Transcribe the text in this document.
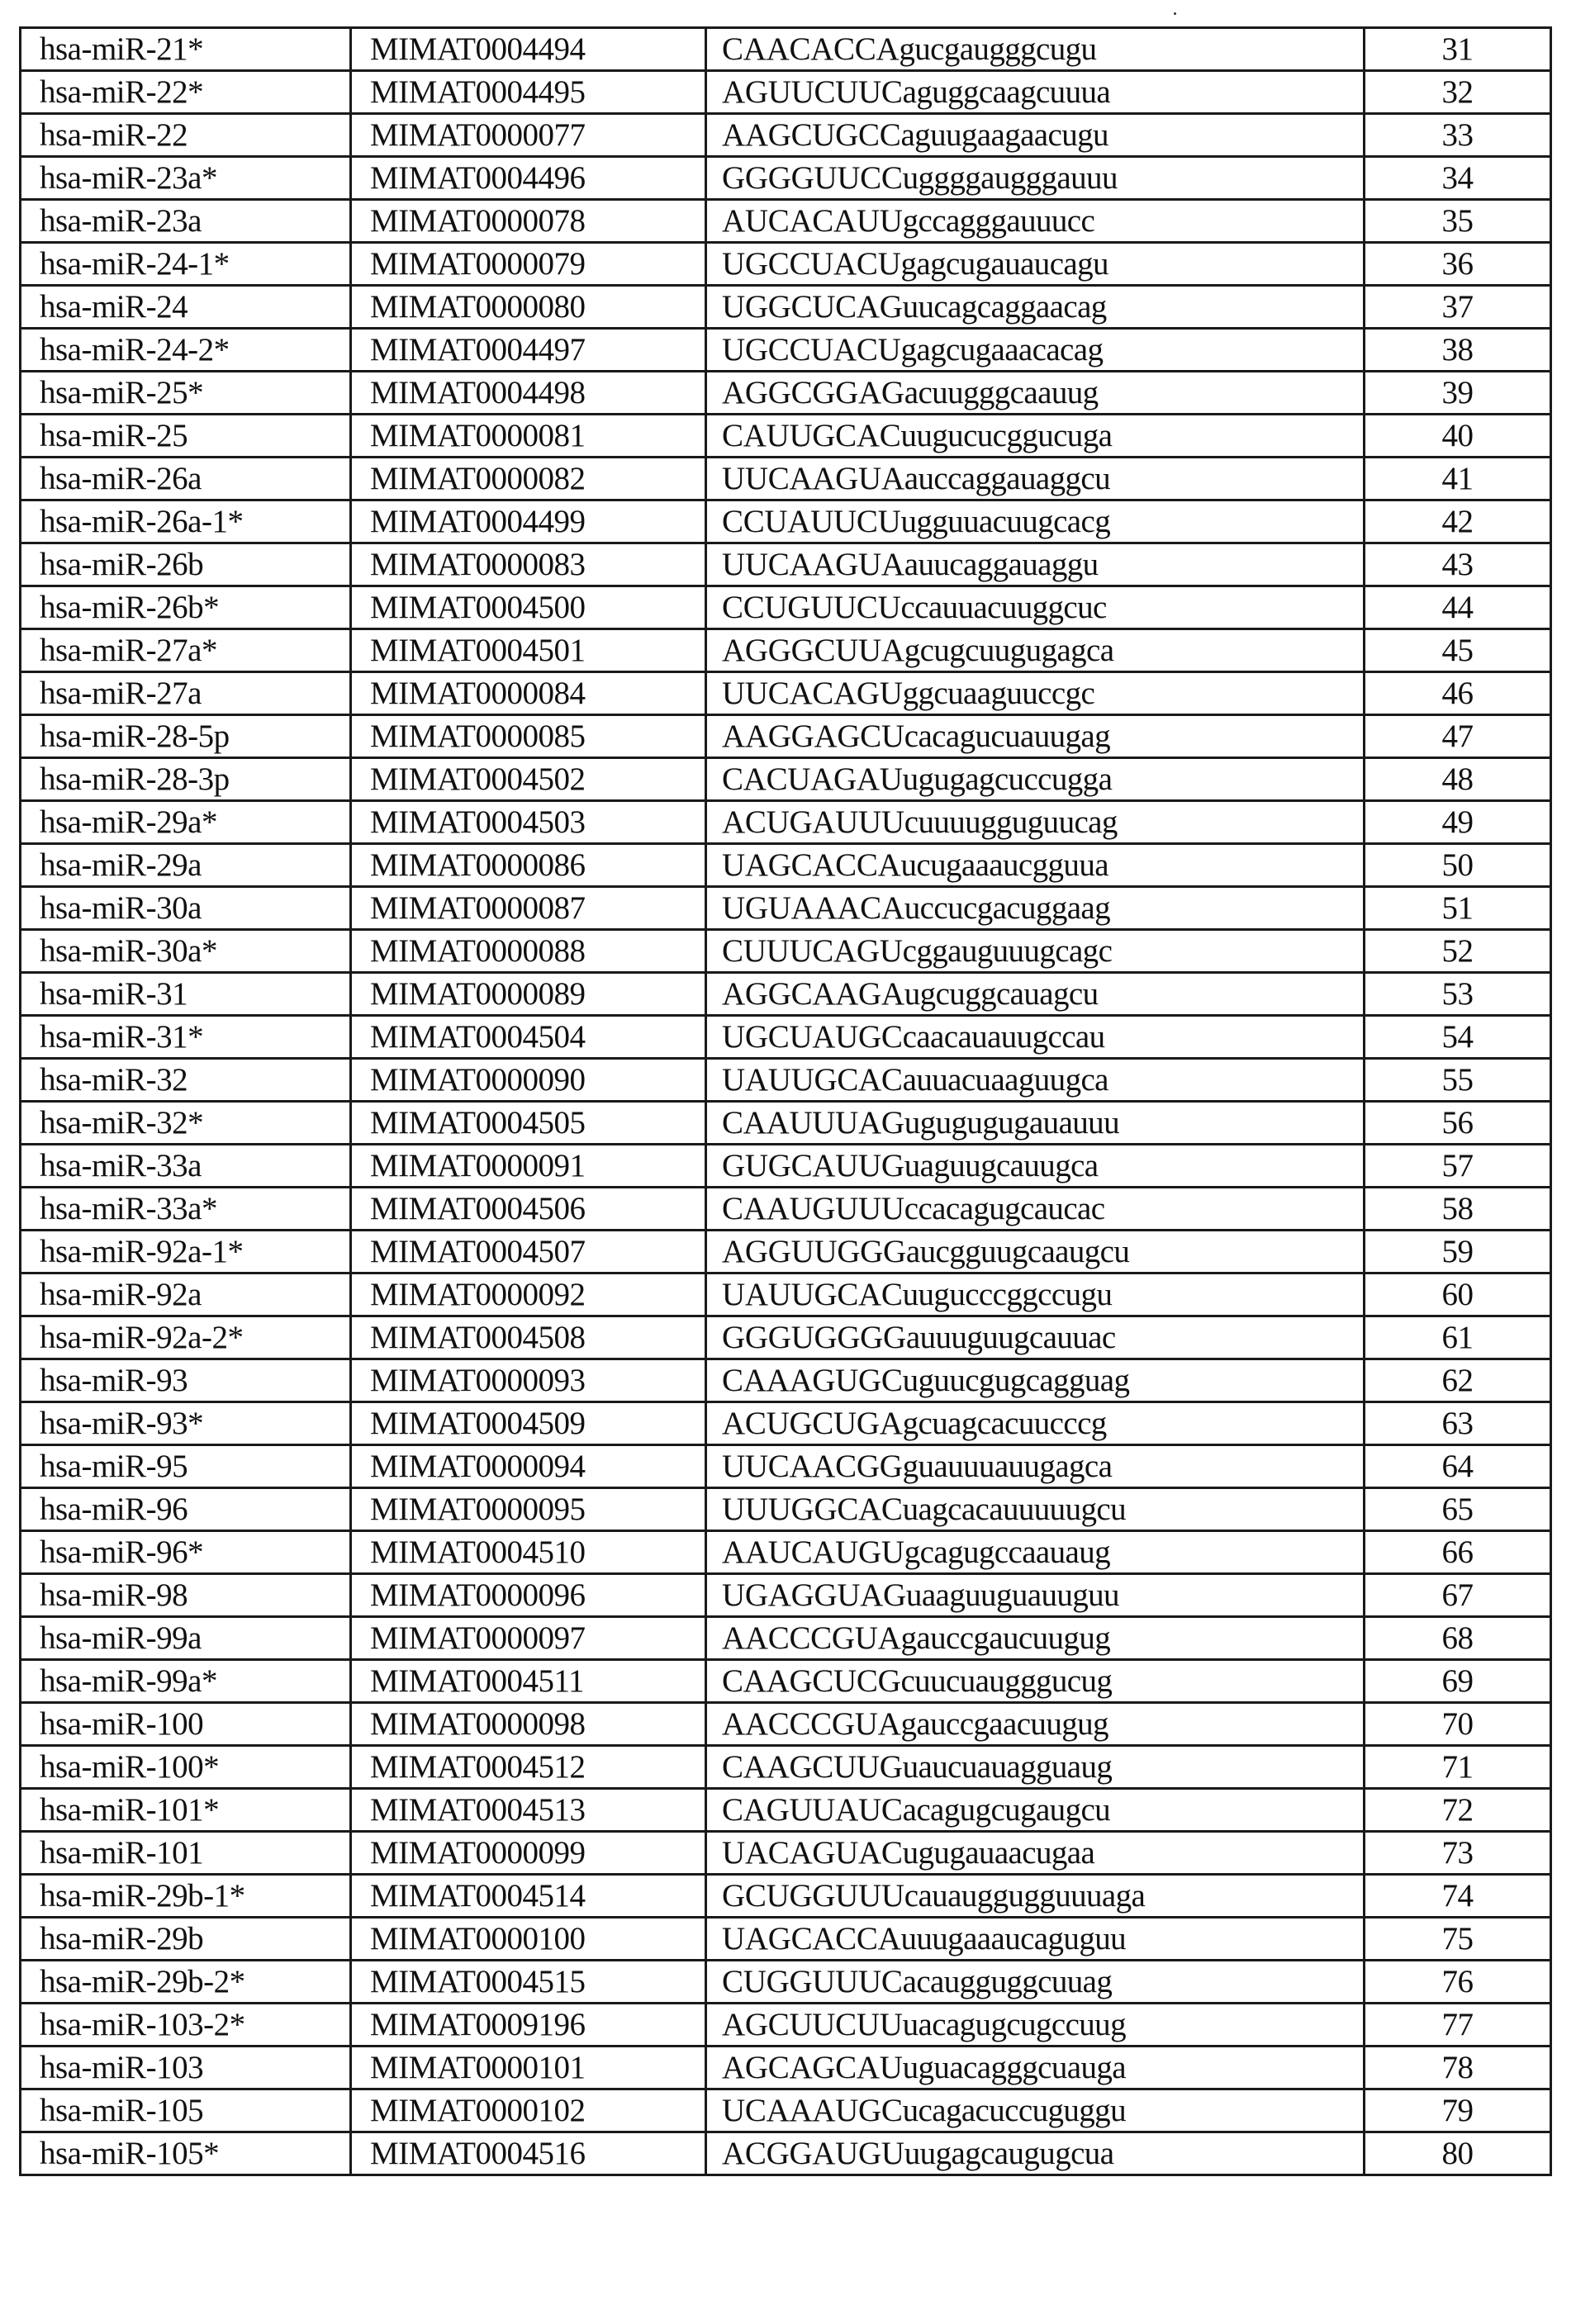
hsa-miR-21*	MIMAT0004494	CAACACCAgucgaugggcugu	31
hsa-miR-22*	MIMAT0004495	AGUUCUUCaguggcaagcuuua	32
hsa-miR-22	MIMAT0000077	AAGCUGCCaguugaagaacugu	33
hsa-miR-23a*	MIMAT0004496	GGGGUUCCuggggaugggauuu	34
hsa-miR-23a	MIMAT0000078	AUCACAUUgccagggauuucc	35
hsa-miR-24-1*	MIMAT0000079	UGCCUACUgagcugauaucagu	36
hsa-miR-24	MIMAT0000080	UGGCUCAGuucagcaggaacag	37
hsa-miR-24-2*	MIMAT0004497	UGCCUACUgagcugaaacacag	38
hsa-miR-25*	MIMAT0004498	AGGCGGAGacuugggcaauug	39
hsa-miR-25	MIMAT0000081	CAUUGCACuugucucggucuga	40
hsa-miR-26a	MIMAT0000082	UUCAAGUAauccaggauaggcu	41
hsa-miR-26a-1*	MIMAT0004499	CCUAUUCUugguuacuugcacg	42
hsa-miR-26b	MIMAT0000083	UUCAAGUAauucaggauaggu	43
hsa-miR-26b*	MIMAT0004500	CCUGUUCUccauuacuuggcuc	44
hsa-miR-27a*	MIMAT0004501	AGGGCUUAgcugcuugugagca	45
hsa-miR-27a	MIMAT0000084	UUCACAGUggcuaaguuccgc	46
hsa-miR-28-5p	MIMAT0000085	AAGGAGCUcacagucuauugag	47
hsa-miR-28-3p	MIMAT0004502	CACUAGAUugugagcuccugga	48
hsa-miR-29a*	MIMAT0004503	ACUGAUUUcuuuugguguucag	49
hsa-miR-29a	MIMAT0000086	UAGCACCAucugaaaucgguua	50
hsa-miR-30a	MIMAT0000087	UGUAAACAuccucgacuggaag	51
hsa-miR-30a*	MIMAT0000088	CUUUCAGUcggauguuugcagc	52
hsa-miR-31	MIMAT0000089	AGGCAAGAugcuggcauagcu	53
hsa-miR-31*	MIMAT0004504	UGCUAUGCcaacauauugccau	54
hsa-miR-32	MIMAT0000090	UAUUGCACauuacuaaguugca	55
hsa-miR-32*	MIMAT0004505	CAAUUUAGugugugugauauuu	56
hsa-miR-33a	MIMAT0000091	GUGCAUUGuaguugcauugca	57
hsa-miR-33a*	MIMAT0004506	CAAUGUUUccacagugcaucac	58
hsa-miR-92a-1*	MIMAT0004507	AGGUUGGGaucgguugcaaugcu	59
hsa-miR-92a	MIMAT0000092	UAUUGCACuugucccggccugu	60
hsa-miR-92a-2*	MIMAT0004508	GGGUGGGGauuuguugcauuac	61
hsa-miR-93	MIMAT0000093	CAAAGUGCuguucgugcagguag	62
hsa-miR-93*	MIMAT0004509	ACUGCUGAgcuagcacuucccg	63
hsa-miR-95	MIMAT0000094	UUCAACGGguauuuauugagca	64
hsa-miR-96	MIMAT0000095	UUUGGCACuagcacauuuuugcu	65
hsa-miR-96*	MIMAT0004510	AAUCAUGUgcagugccaauaug	66
hsa-miR-98	MIMAT0000096	UGAGGUAGuaaguuguauuguu	67
hsa-miR-99a	MIMAT0000097	AACCCGUAgauccgaucuugug	68
hsa-miR-99a*	MIMAT0004511	CAAGCUCGcuucuaugggucug	69
hsa-miR-100	MIMAT0000098	AACCCGUAgauccgaacuugug	70
hsa-miR-100*	MIMAT0004512	CAAGCUUGuaucuauagguaug	71
hsa-miR-101*	MIMAT0004513	CAGUUAUCacagugcugaugcu	72
hsa-miR-101	MIMAT0000099	UACAGUACugugauaacugaa	73
hsa-miR-29b-1*	MIMAT0004514	GCUGGUUUcauauggugguuuaga	74
hsa-miR-29b	MIMAT0000100	UAGCACCAuuugaaaucaguguu	75
hsa-miR-29b-2*	MIMAT0004515	CUGGUUUCacaugguggcuuag	76
hsa-miR-103-2*	MIMAT0009196	AGCUUCUUuacagugcugccuug	77
hsa-miR-103	MIMAT0000101	AGCAGCAUuguacagggcuauga	78
hsa-miR-105	MIMAT0000102	UCAAAUGCucagacuccuguggu	79
hsa-miR-105*	MIMAT0004516	ACGGAUGUuugagcaugugcua	80
